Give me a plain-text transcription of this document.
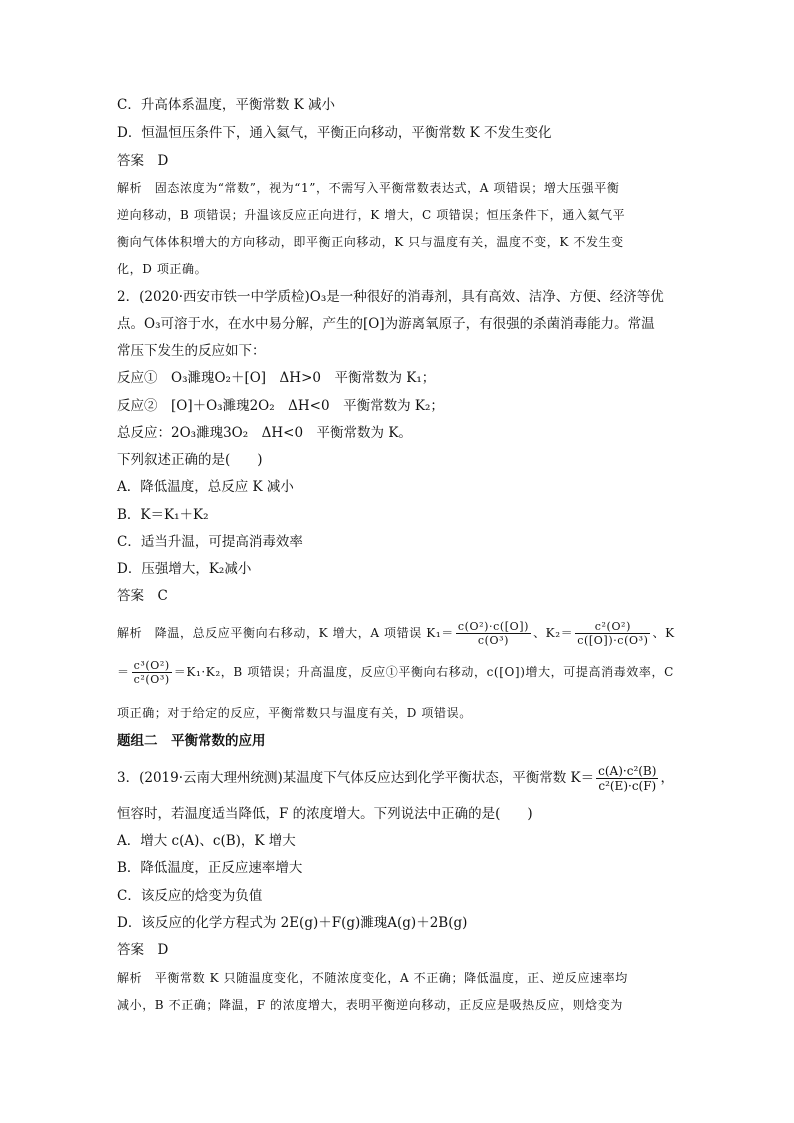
C．升高体系温度，平衡常数 K 减小
D．恒温恒压条件下，通入氦气，平衡正向移动，平衡常数 K 不发生变化
答案　D
解析　固态浓度为“常数”，视为“1”，不需写入平衡常数表达式，A 项错误；增大压强平衡
逆向移动，B 项错误；升温该反应正向进行，K 增大，C 项错误；恒压条件下，通入氦气平
衡向气体体积增大的方向移动，即平衡正向移动，K 只与温度有关，温度不变，K 不发生变
化，D 项正确。
2．(2020·西安市铁一中学质检)O₃是一种很好的消毒剂，具有高效、洁净、方便、经济等优
点。O₃可溶于水，在水中易分解，产生的[O]为游离氧原子，有很强的杀菌消毒能力。常温
常压下发生的反应如下：
反应①　O₃濉瑰O₂＋[O]　ΔH>0　平衡常数为 K₁；
反应②　[O]＋O₃濉瑰2O₂　ΔH<0　平衡常数为 K₂；
总反应：2O₃濉瑰3O₂　ΔH<0　平衡常数为 K。
下列叙述正确的是(　　)
A．降低温度，总反应 K 减小
B．K＝K₁＋K₂
C．适当升温，可提高消毒效率
D．压强增大，K₂减小
答案　C
解析　降温，总反应平衡向右移动，K 增大，A 项错误 $K_1= \frac{\text{c(O²)·c([O])}}{\text{c(O³)}}$ 、$K_2= \frac{\text{c²(O²)}}{\text{c([O])·c(O³)}}$ 、K
＝ $\frac{\text{c³(O²)}}{\text{c²(O³)}} =K_1\cdot K_2$，B 项错误；升高温度，反应①平衡向右移动，c([O])增大，可提高消毒效率，C
项正确；对于给定的反应，平衡常数只与温度有关，D 项错误。
题组二　平衡常数的应用
3．(2019·云南大理州统测)某温度下气体反应达到化学平衡状态，平衡常数 $K= \frac{\text{c(A)·c²(B)}}{\text{c²(E)·c(F)}}$ ，
恒容时，若温度适当降低，F 的浓度增大。下列说法中正确的是(　　)
A．增大 c(A)、c(B)，K 增大
B．降低温度，正反应速率增大
C．该反应的焓变为负值
D．该反应的化学方程式为 2E(g)＋F(g)濉瑰A(g)＋2B(g)
答案　D
解析　平衡常数 K 只随温度变化，不随浓度变化，A 不正确；降低温度，正、逆反应速率均
减小，B 不正确；降温，F 的浓度增大，表明平衡逆向移动，正反应是吸热反应，则焓变为
